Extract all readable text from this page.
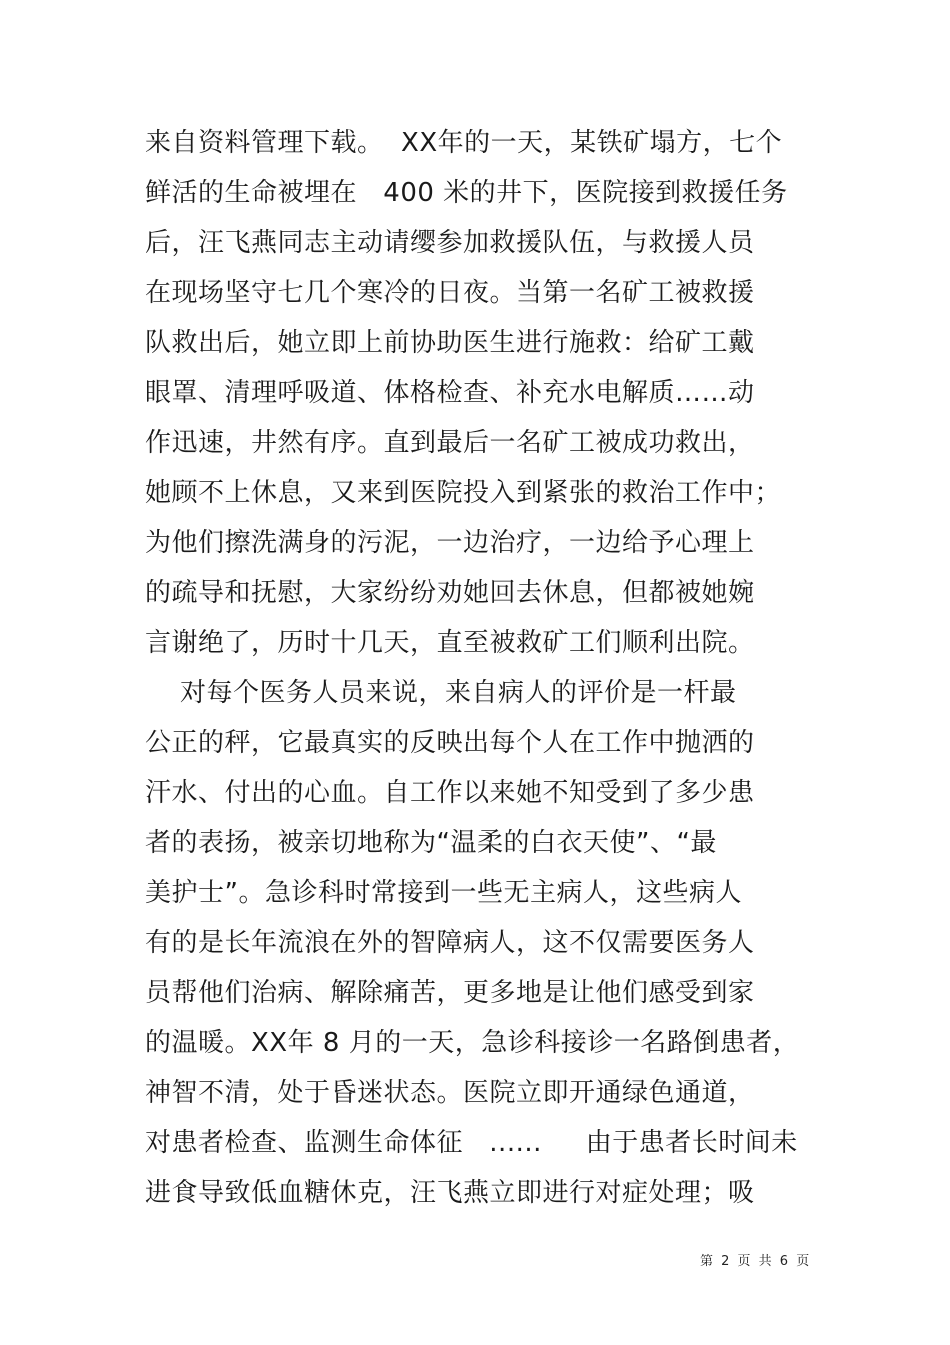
来自资料管理下载。  XX年的一天，某铁矿塌方，七个
鲜活的生命被埋在   400 米的井下，医院接到救援任务
后，汪飞燕同志主动请缨参加救援队伍，与救援人员
在现场坚守七几个寒冷的日夜。当第一名矿工被救援
队救出后，她立即上前协助医生进行施救：给矿工戴
眼罩、清理呼吸道、体格检查、补充水电解质……动
作迅速，井然有序。直到最后一名矿工被成功救出，
她顾不上休息，又来到医院投入到紧张的救治工作中；
为他们擦洗满身的污泥，一边治疗，一边给予心理上
的疏导和抚慰，大家纷纷劝她回去休息，但都被她婉
言谢绝了，历时十几天，直至被救矿工们顺利出院。
对每个医务人员来说，来自病人的评价是一杆最
公正的秤，它最真实的反映出每个人在工作中抛洒的
汗水、付出的心血。自工作以来她不知受到了多少患
者的表扬，被亲切地称为“温柔的白衣天使”、“最
美护士”。急诊科时常接到一些无主病人，这些病人
有的是长年流浪在外的智障病人，这不仅需要医务人
员帮他们治病、解除痛苦，更多地是让他们感受到家
的温暖。XX年 8 月的一天，急诊科接诊一名路倒患者，
神智不清，处于昏迷状态。医院立即开通绿色通道，
对患者检查、监测生命体征   ......     由于患者长时间未
进食导致低血糖休克，汪飞燕立即进行对症处理；吸
第 2 页 共 6 页
